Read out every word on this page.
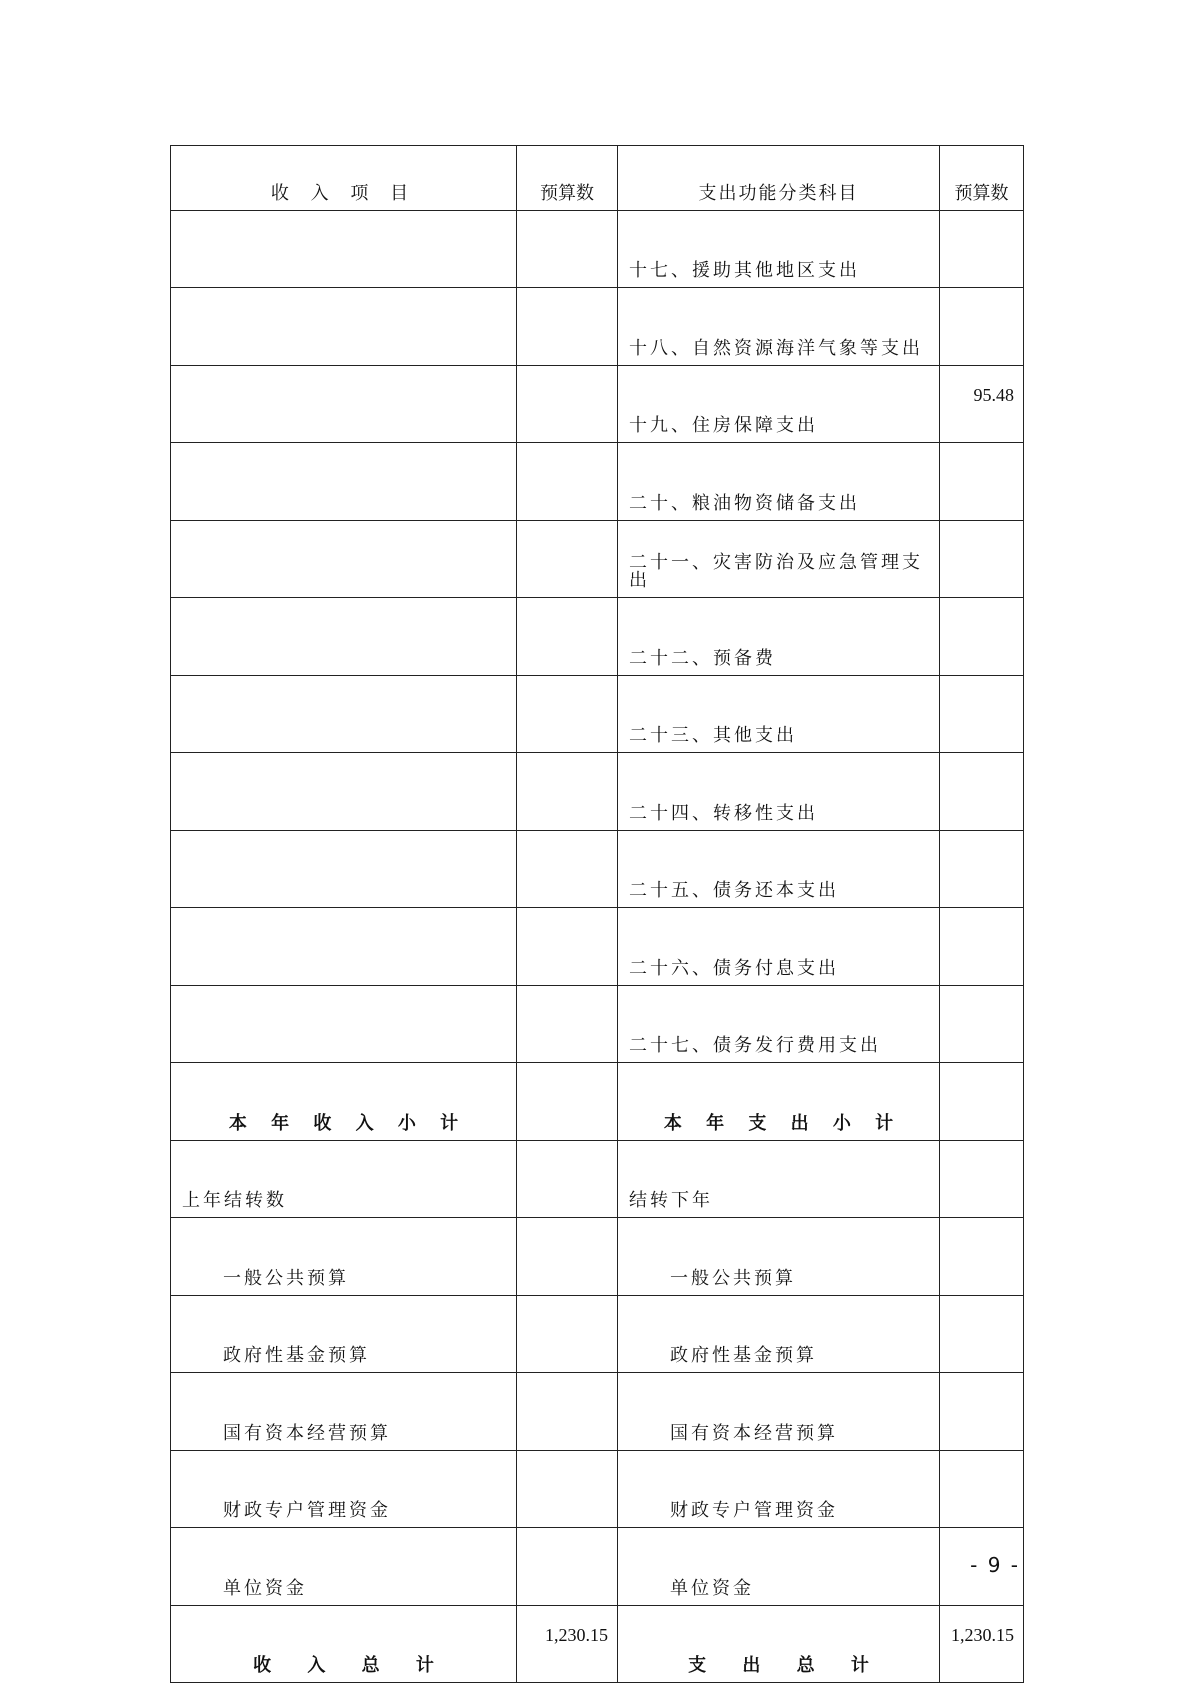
收 入 项 目	预算数	支出功能分类科目	预算数
		十七、援助其他地区支出	
		十八、自然资源海洋气象等支出	
		十九、住房保障支出	95.48
		二十、粮油物资储备支出	
		二十一、灾害防治及应急管理支出	
		二十二、预备费	
		二十三、其他支出	
		二十四、转移性支出	
		二十五、债务还本支出	
		二十六、债务付息支出	
		二十七、债务发行费用支出	
本 年 收 入 小 计		本 年 支 出 小 计	
上年结转数		结转下年	
一般公共预算		一般公共预算	
政府性基金预算		政府性基金预算	
国有资本经营预算		国有资本经营预算	
财政专户管理资金		财政专户管理资金	
单位资金		单位资金	
收 入 总 计	1,230.15	支 出 总 计	1,230.15
- 9 -
